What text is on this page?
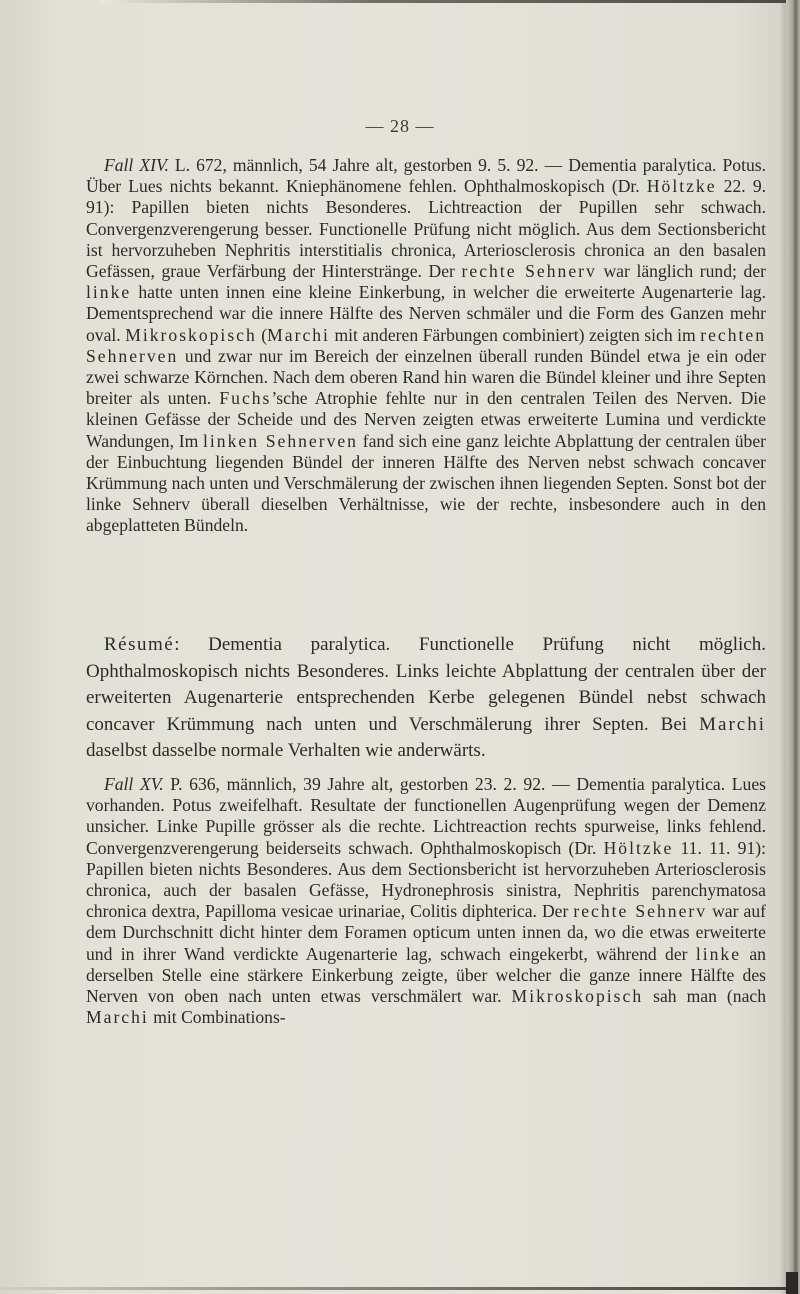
— 28 —

Fall XIV. L. 672, männlich, 54 Jahre alt, gestorben 9. 5. 92. — Dementia paralytica. Potus. Über Lues nichts bekannt. Kniephänomene fehlen. Ophthalmoskopisch (Dr. Höltzke 22. 9. 91): Papillen bieten nichts Besonderes. Lichtreaction der Pupillen sehr schwach. Convergenzverengerung besser. Functionelle Prüfung nicht möglich. Aus dem Sectionsbericht ist hervorzuheben Nephritis interstitialis chronica, Arteriosclerosis chronica an den basalen Gefässen, graue Verfärbung der Hinterstränge. Der rechte Sehnerv war länglich rund; der linke hatte unten innen eine kleine Einkerbung, in welcher die erweiterte Augenarterie lag. Dementsprechend war die innere Hälfte des Nerven schmäler und die Form des Ganzen mehr oval. Mikroskopisch (Marchi mit anderen Färbungen combiniert) zeigten sich im rechten Sehnerven und zwar nur im Bereich der einzelnen überall runden Bündel etwa je ein oder zwei schwarze Körnchen. Nach dem oberen Rand hin waren die Bündel kleiner und ihre Septen breiter als unten. Fuchs’sche Atrophie fehlte nur in den centralen Teilen des Nerven. Die kleinen Gefässe der Scheide und des Nerven zeigten etwas erweiterte Lumina und verdickte Wandungen, Im linken Sehnerven fand sich eine ganz leichte Abplattung der centralen über der Einbuchtung liegenden Bündel der inneren Hälfte des Nerven nebst schwach concaver Krümmung nach unten und Verschmälerung der zwischen ihnen liegenden Septen. Sonst bot der linke Sehnerv überall dieselben Verhältnisse, wie der rechte, insbesondere auch in den abgeplatteten Bündeln.

Résumé: Dementia paralytica. Functionelle Prüfung nicht möglich. Ophthalmoskopisch nichts Besonderes. Links leichte Abplattung der centralen über der erweiterten Augenarterie entsprechenden Kerbe gelegenen Bündel nebst schwach concaver Krümmung nach unten und Verschmälerung ihrer Septen. Bei Marchi daselbst dasselbe normale Verhalten wie anderwärts.

Fall XV. P. 636, männlich, 39 Jahre alt, gestorben 23. 2. 92. — Dementia paralytica. Lues vorhanden. Potus zweifelhaft. Resultate der functionellen Augenprüfung wegen der Demenz unsicher. Linke Pupille grösser als die rechte. Lichtreaction rechts spurweise, links fehlend. Convergenzverengerung beiderseits schwach. Ophthalmoskopisch (Dr. Höltzke 11. 11. 91): Papillen bieten nichts Besonderes. Aus dem Sectionsbericht ist hervorzuheben Arteriosclerosis chronica, auch der basalen Gefässe, Hydronephrosis sinistra, Nephritis parenchymatosa chronica dextra, Papilloma vesicae urinariae, Colitis diphterica. Der rechte Sehnerv war auf dem Durchschnitt dicht hinter dem Foramen opticum unten innen da, wo die etwas erweiterte und in ihrer Wand verdickte Augenarterie lag, schwach eingekerbt, während der linke an derselben Stelle eine stärkere Einkerbung zeigte, über welcher die ganze innere Hälfte des Nerven von oben nach unten etwas verschmälert war. Mikroskopisch sah man (nach Marchi mit Combinations-
